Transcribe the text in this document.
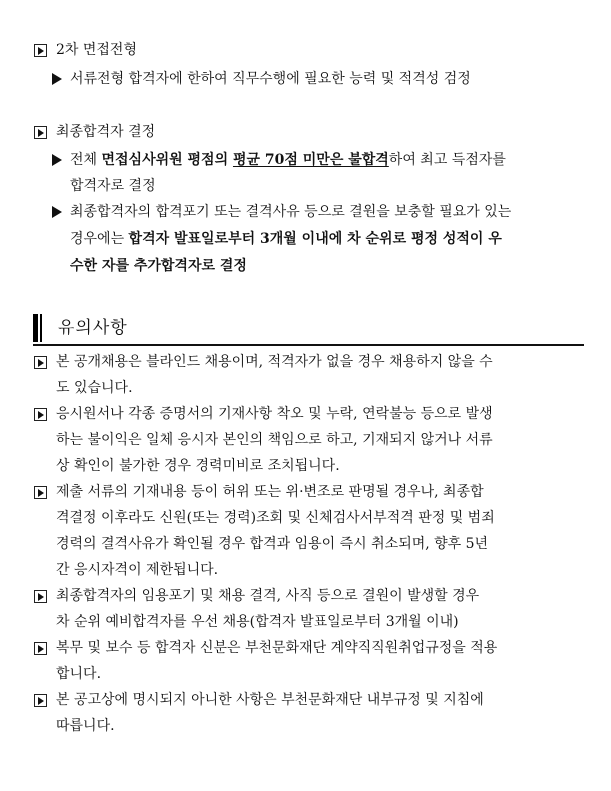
2차 면접전형
서류전형 합격자에 한하여 직무수행에 필요한 능력 및 적격성 검정
최종합격자 결정
전체 면접심사위원 평점의 평균 70점 미만은 불합격하여 최고 득점자를
합격자로 결정
최종합격자의 합격포기 또는 결격사유 등으로 결원을 보충할 필요가 있는
경우에는 합격자 발표일로부터 3개월 이내에 차 순위로 평정 성적이 우
수한 자를 추가합격자로 결정
유의사항
본 공개채용은 블라인드 채용이며, 적격자가 없을 경우 채용하지 않을 수
도 있습니다.
응시원서나 각종 증명서의 기재사항 착오 및 누락, 연락불능 등으로 발생
하는 불이익은 일체 응시자 본인의 책임으로 하고, 기재되지 않거나 서류
상 확인이 불가한 경우 경력미비로 조치됩니다.
제출 서류의 기재내용 등이 허위 또는 위·변조로 판명될 경우나, 최종합
격결정 이후라도 신원(또는 경력)조회 및 신체검사서부적격 판정 및 범죄
경력의 결격사유가 확인될 경우 합격과 임용이 즉시 취소되며, 향후 5년
간 응시자격이 제한됩니다.
최종합격자의 임용포기 및 채용 결격, 사직 등으로 결원이 발생할 경우
차 순위 예비합격자를 우선 채용(합격자 발표일로부터 3개월 이내)
복무 및 보수 등 합격자 신분은 부천문화재단 계약직직원취업규정을 적용
합니다.
본 공고상에 명시되지 아니한 사항은 부천문화재단 내부규정 및 지침에
따릅니다.
